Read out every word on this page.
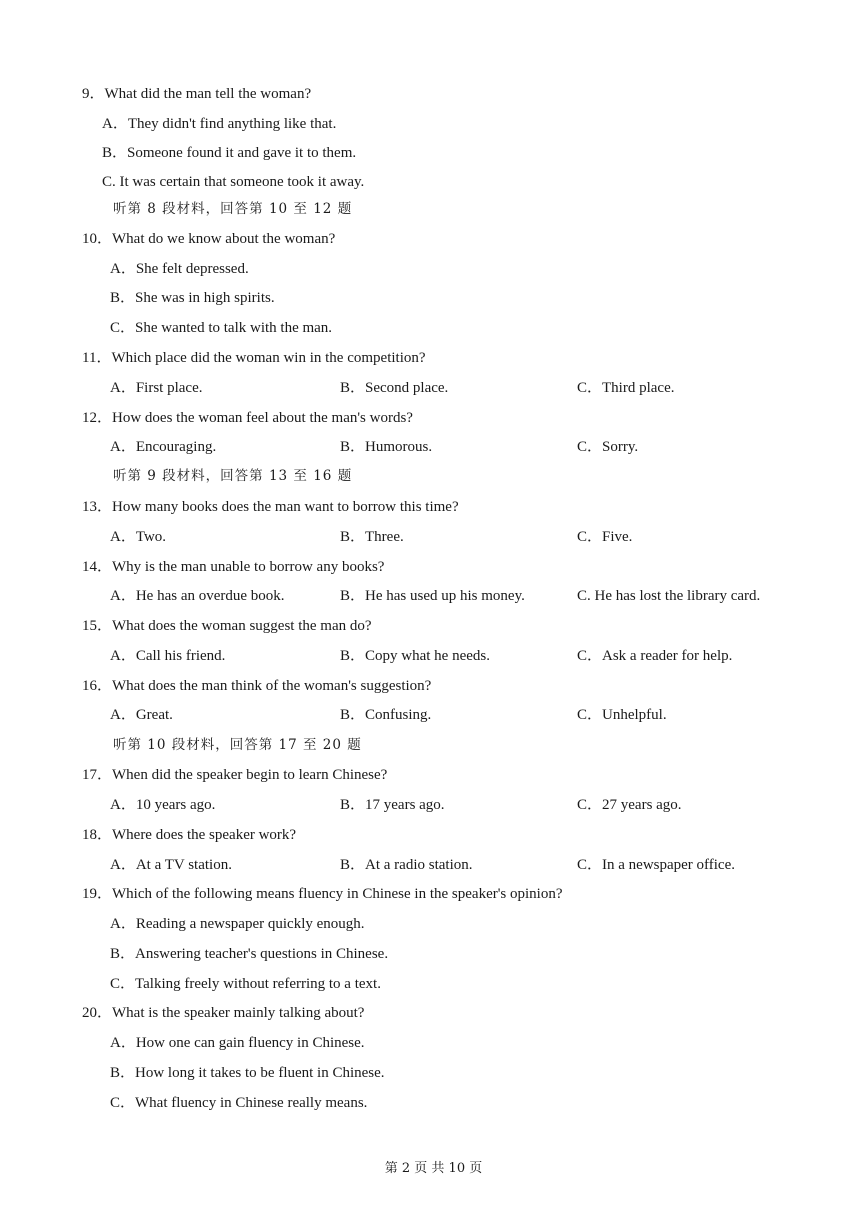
9．What did the man tell the woman?
A．They didn't find anything like that.
B．Someone found it and gave it to them.
C. It was certain that someone took it away.
听第 8 段材料，回答第 10 至 12 题
10．What do we know about the woman?
A．She felt depressed.
B．She was in high spirits.
C．She wanted to talk with the man.
11．Which place did the woman win in the competition?
A．First place.	B．Second place.	C．Third place.
12．How does the woman feel about the man's words?
A．Encouraging.	B．Humorous.	C．Sorry.
听第 9 段材料，回答第 13 至 16 题
13．How many books does the man want to borrow this time?
A．Two.	B．Three.	C．Five.
14．Why is the man unable to borrow any books?
A．He has an overdue book.	B．He has used up his money.	C. He has lost the library card.
15．What does the woman suggest the man do?
A．Call his friend.	B．Copy what he needs.	C．Ask a reader for help.
16．What does the man think of the woman's suggestion?
A．Great.	B．Confusing.	C．Unhelpful.
听第 10 段材料，回答第 17 至 20 题
17．When did the speaker begin to learn Chinese?
A．10 years ago.	B．17 years ago.	C．27 years ago.
18．Where does the speaker work?
A．At a TV station.	B．At a radio station.	C．In a newspaper office.
19．Which of the following means fluency in Chinese in the speaker's opinion?
A．Reading a newspaper quickly enough.
B．Answering teacher's questions in Chinese.
C．Talking freely without referring to a text.
20．What is the speaker mainly talking about?
A．How one can gain fluency in Chinese.
B．How long it takes to be fluent in Chinese.
C．What fluency in Chinese really means.
第 2 页 共 10 页
